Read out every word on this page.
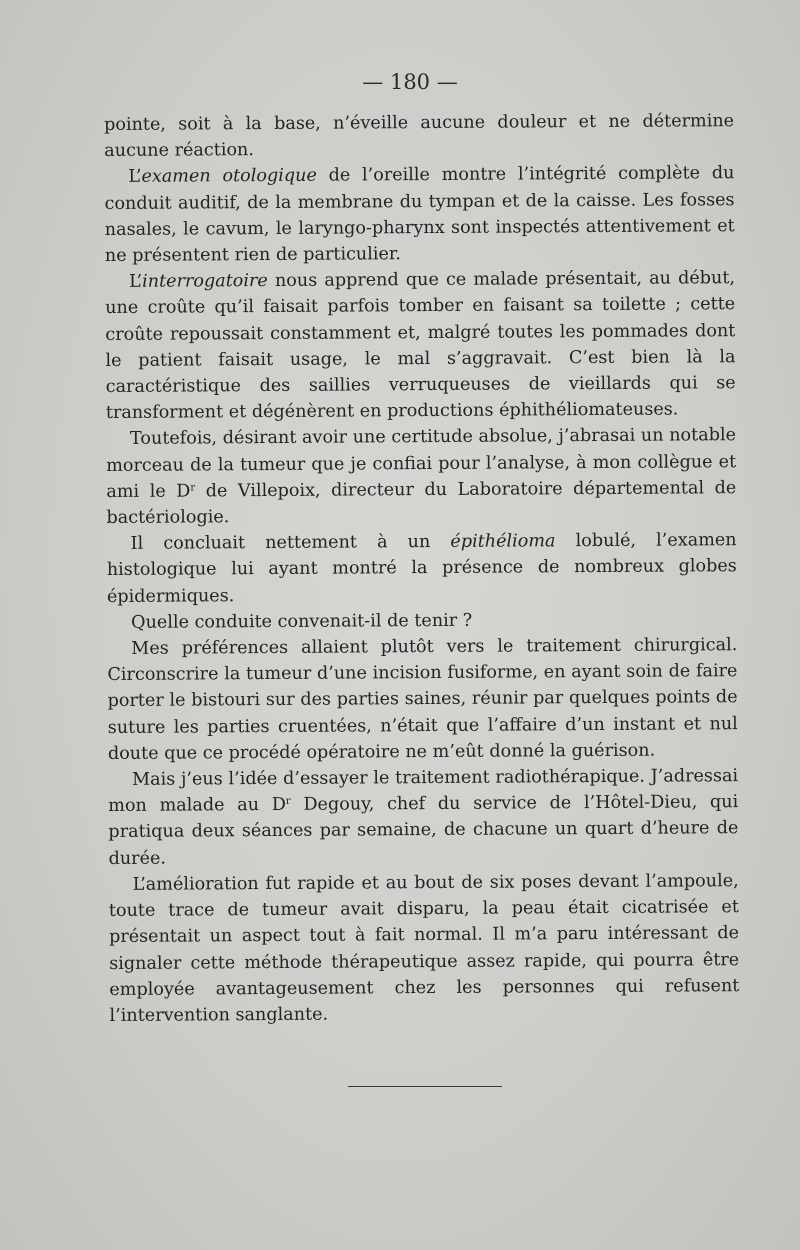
— 180 —

pointe, soit à la base, n’éveille aucune douleur et ne détermine aucune réaction.

L’examen otologique de l’oreille montre l’intégrité complète du conduit auditif, de la membrane du tympan et de la caisse. Les fosses nasales, le cavum, le laryngo-pharynx sont inspectés attentivement et ne présentent rien de particulier.

L’interrogatoire nous apprend que ce malade présentait, au début, une croûte qu’il faisait parfois tomber en faisant sa toilette ; cette croûte repoussait constamment et, malgré toutes les pommades dont le patient faisait usage, le mal s’aggravait. C’est bien là la caractéristique des saillies verruqueuses de vieillards qui se transforment et dégénèrent en productions éphithéliomateuses.

Toutefois, désirant avoir une certitude absolue, j’abrasai un notable morceau de la tumeur que je confiai pour l’analyse, à mon collègue et ami le $D^r$ de Villepoix, directeur du Laboratoire départemental de bactériologie.

Il concluait nettement à un épithélioma lobulé, l’examen histologique lui ayant montré la présence de nombreux globes épidermiques.

Quelle conduite convenait-il de tenir ?

Mes préférences allaient plutôt vers le traitement chirurgical. Circonscrire la tumeur d’une incision fusiforme, en ayant soin de faire porter le bistouri sur des parties saines, réunir par quelques points de suture les parties cruentées, n’était que l’affaire d’un instant et nul doute que ce procédé opératoire ne m’eût donné la guérison.

Mais j’eus l’idée d’essayer le traitement radiothérapique. J’adressai mon malade au $D^r$ Degouy, chef du service de l’Hôtel-Dieu, qui pratiqua deux séances par semaine, de chacune un quart d’heure de durée.

L’amélioration fut rapide et au bout de six poses devant l’ampoule, toute trace de tumeur avait disparu, la peau était cicatrisée et présentait un aspect tout à fait normal. Il m’a paru intéressant de signaler cette méthode thérapeutique assez rapide, qui pourra être employée avantageusement chez les personnes qui refusent l’intervention sanglante.
